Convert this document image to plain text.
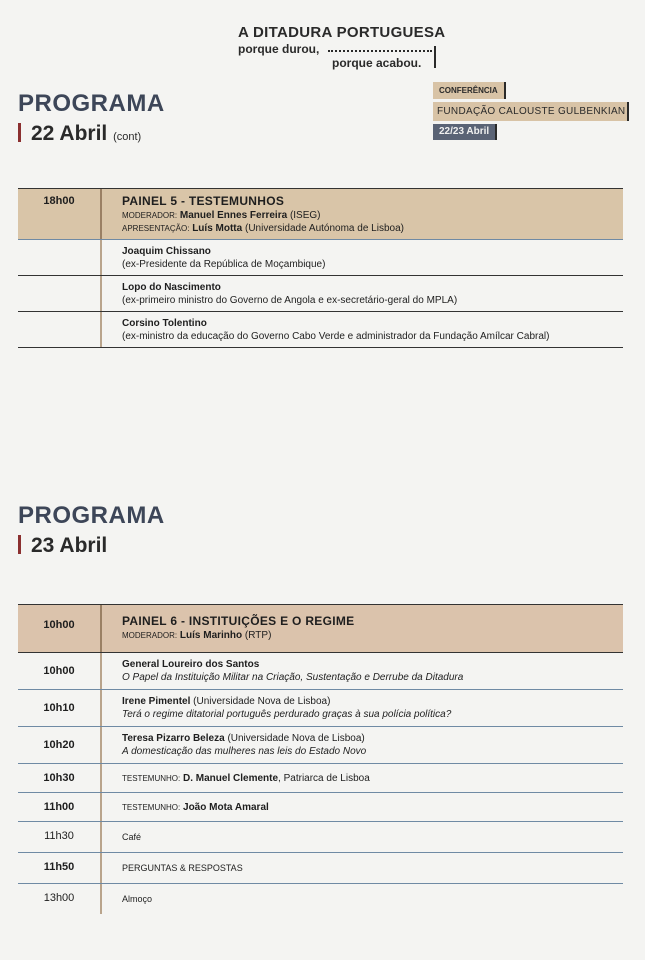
A DITADURA PORTUGUESA
porque durou,
porque acabou.
CONFERÊNCIA
FUNDAÇÃO CALOUSTE GULBENKIAN
22/23 Abril
PROGRAMA
22 Abril (cont)
18h00	PAINEL 5 - TESTEMUNHOS
MODERADOR: Manuel Ennes Ferreira (ISEG)
APRESENTAÇÃO: Luís Motta (Universidade Autónoma de Lisboa)
Joaquim Chissano
(ex-Presidente da República de Moçambique)
Lopo do Nascimento
(ex-primeiro ministro do Governo de Angola e ex-secretário-geral do MPLA)
Corsino Tolentino
(ex-ministro da educação do Governo Cabo Verde e administrador da Fundação Amílcar Cabral)
PROGRAMA
23 Abril
10h00	PAINEL 6 - INSTITUIÇÕES E O REGIME
MODERADOR: Luís Marinho (RTP)
10h00
General Loureiro dos Santos
O Papel da Instituição Militar na Criação, Sustentação e Derrube da Ditadura
10h10
Irene Pimentel (Universidade Nova de Lisboa)
Terá o regime ditatorial português perdurado graças à sua polícia política?
10h20
Teresa Pizarro Beleza (Universidade Nova de Lisboa)
A domesticação das mulheres nas leis do Estado Novo
10h30	TESTEMUNHO: D. Manuel Clemente, Patriarca de Lisboa
11h00	TESTEMUNHO: João Mota Amaral
11h30	Café
11h50	PERGUNTAS & RESPOSTAS
13h00	Almoço
